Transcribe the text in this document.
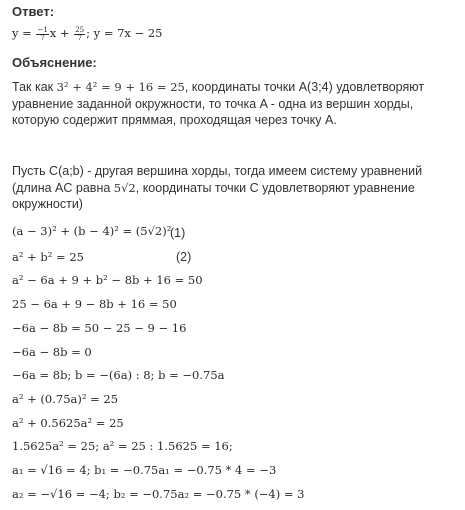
Ответ:
$y = \frac{-1}{7}$ $x + \frac{25}{7}$ ; y = 7x − 25
Объяснение:
Так как 3² + 4² = 9 + 16 = 25, координаты точки A(3;4) удовлетворяют уравнение заданной окружности, то точка A - одна из вершин хорды, которую содержит пряммая, проходящая через точку A.
Пусть C(a;b) - другая вершина хорды, тогда имеем систему уравнений (длина AC равна 5√2, координаты точки C удовлетворяют уравнение окружности)
(a − 3)² + (b − 4)² = (5√2)²
(1)
a² + b² = 25	(2)
a² − 6a + 9 + b² − 8b + 16 = 50
25 − 6a + 9 − 8b + 16 = 50
−6a − 8b = 50 − 25 − 9 − 16
−6a − 8b = 0
−6a = 8b; b = −(6a) : 8; b = −0.75a
a² + (0.75a)² = 25
a² + 0.5625a² = 25
1.5625a² = 25; a² = 25 : 1.5625 = 16;
a₁ = √16 = 4; b₁ = −0.75a₁ = −0.75 * 4 = −3
a₂ = −√16 = −4; b₂ = −0.75a₂ = −0.75 * (−4) = 3
